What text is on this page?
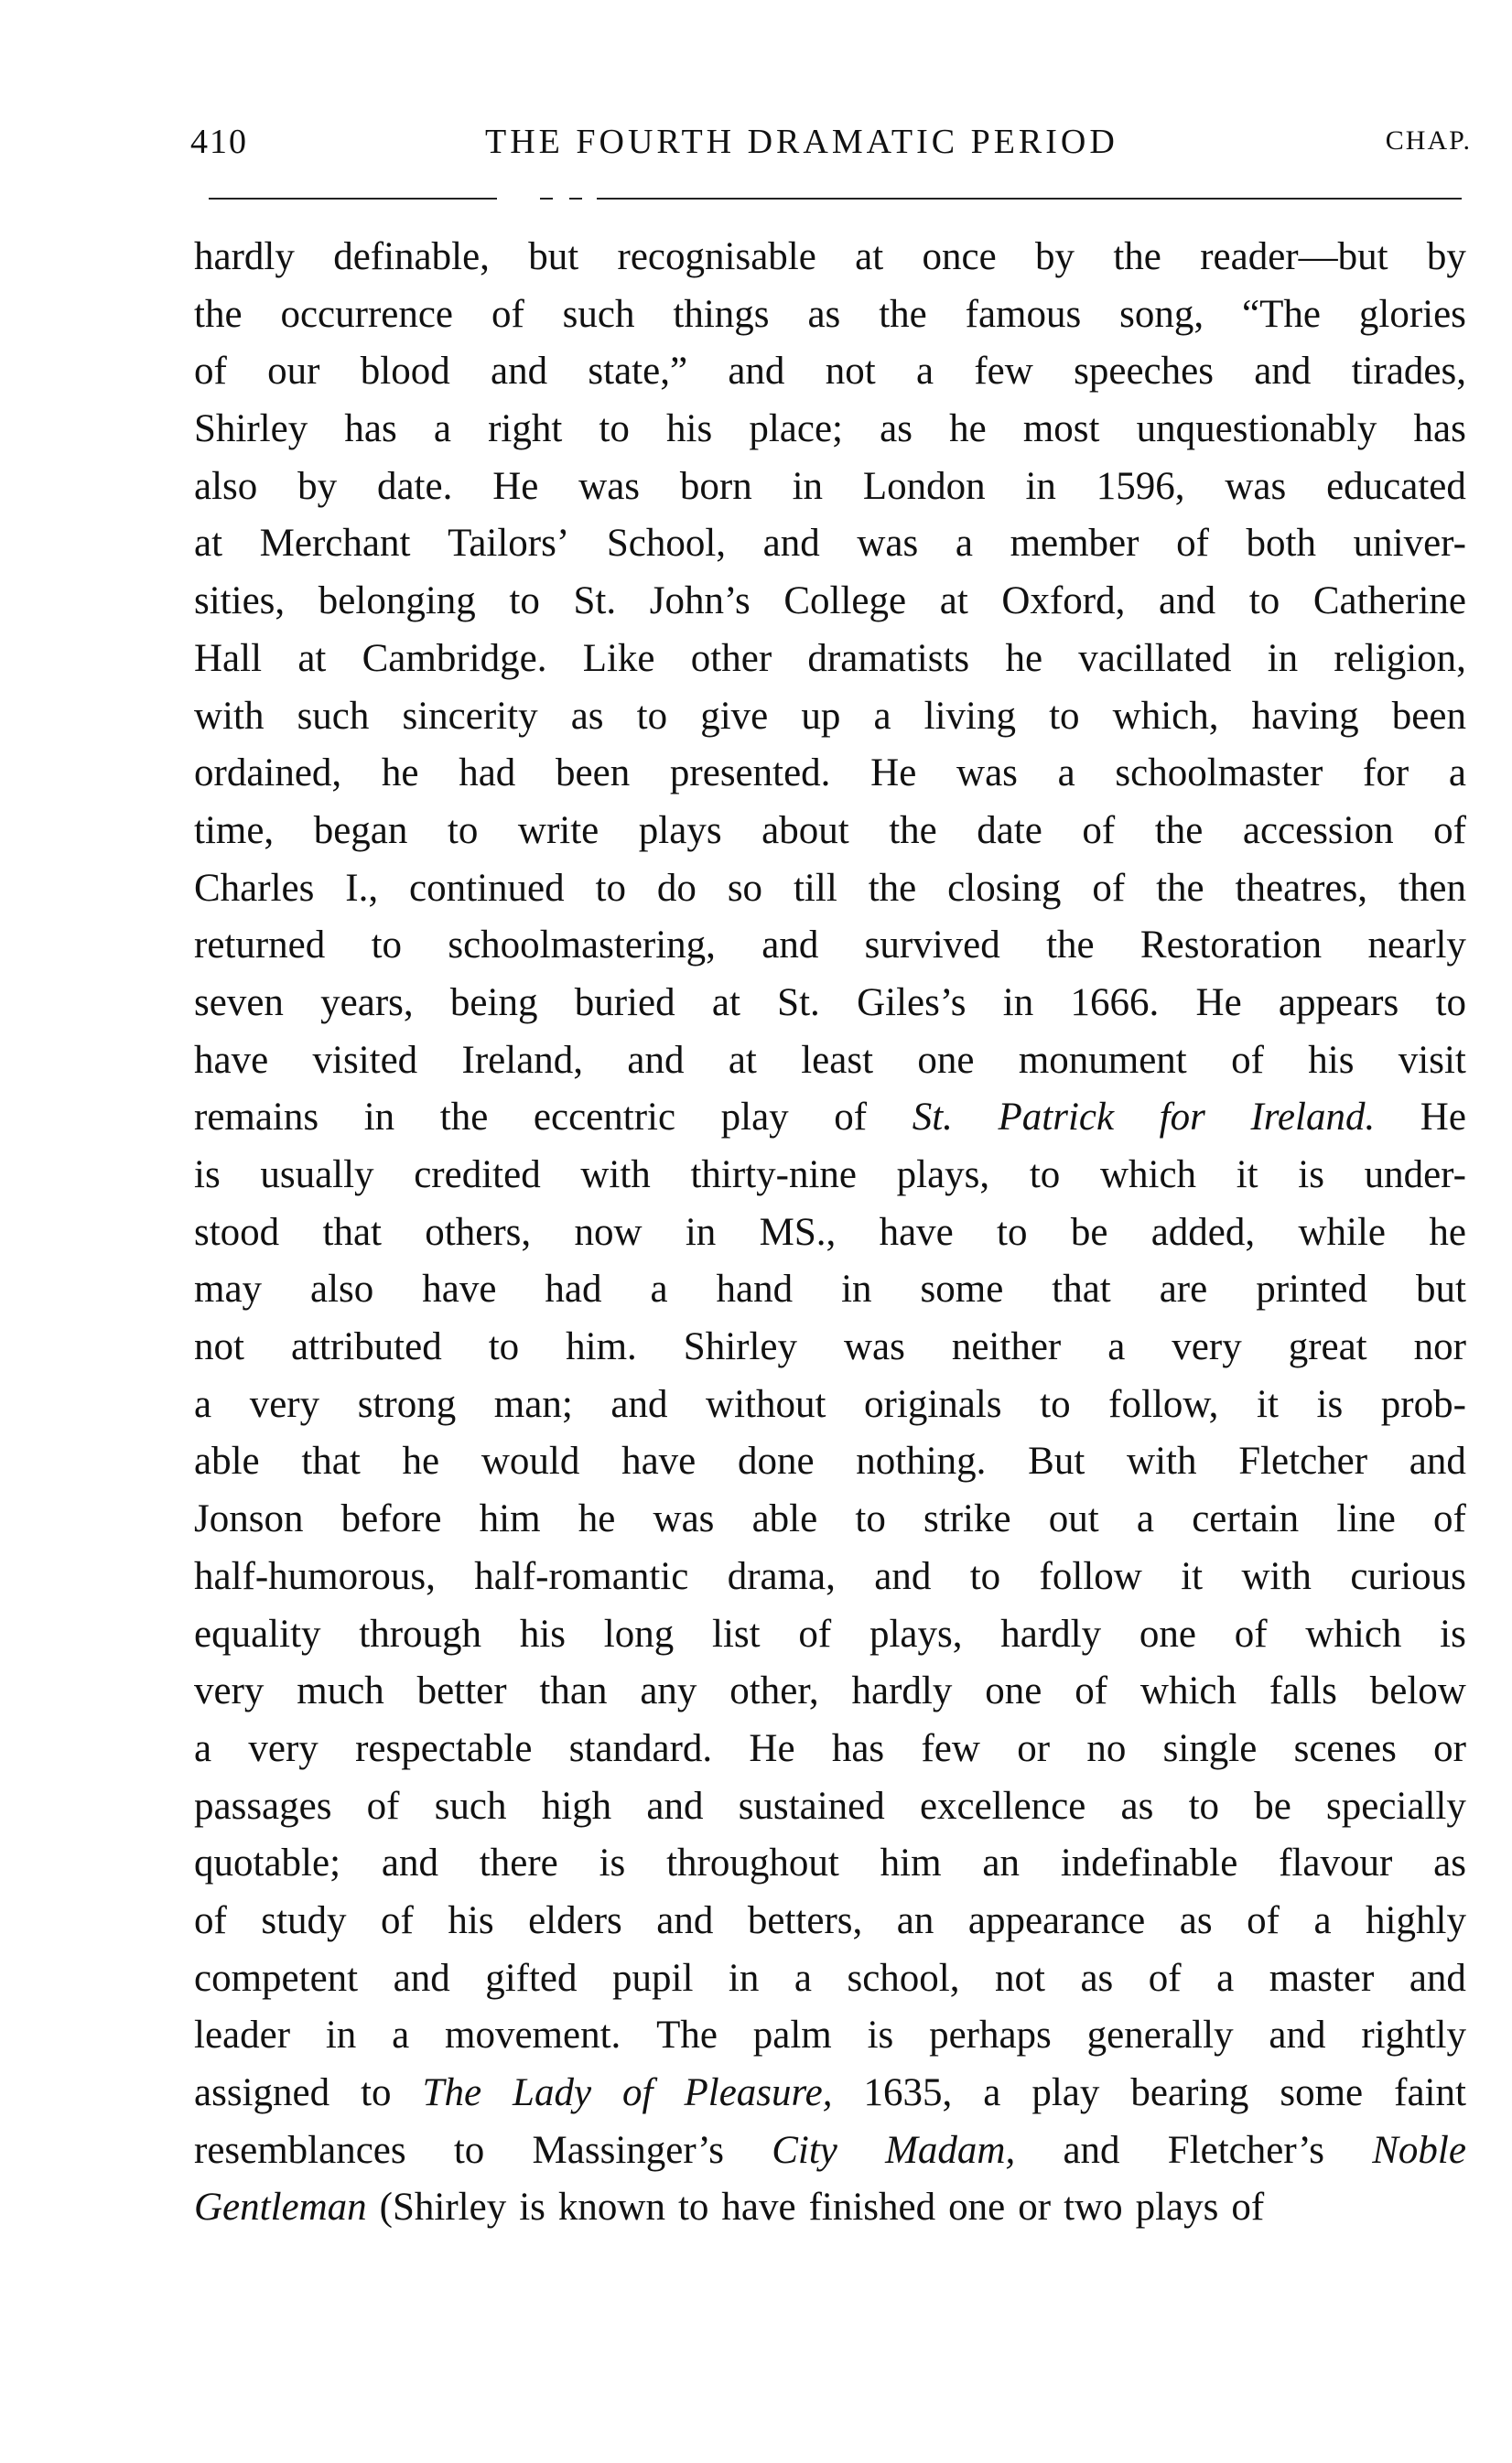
410	THE FOURTH DRAMATIC PERIOD	CHAP.
hardly definable, but recognisable at once by the reader—but by
the occurrence of such things as the famous song, “The glories
of our blood and state,” and not a few speeches and tirades,
Shirley has a right to his place; as he most unquestionably has
also by date. He was born in London in 1596, was educated
at Merchant Tailors’ School, and was a member of both univer-
sities, belonging to St. John’s College at Oxford, and to Catherine
Hall at Cambridge. Like other dramatists he vacillated in religion,
with such sincerity as to give up a living to which, having been
ordained, he had been presented. He was a schoolmaster for a
time, began to write plays about the date of the accession of
Charles I., continued to do so till the closing of the theatres, then
returned to schoolmastering, and survived the Restoration nearly
seven years, being buried at St. Giles’s in 1666. He appears to
have visited Ireland, and at least one monument of his visit
remains in the eccentric play of St. Patrick for Ireland. He
is usually credited with thirty-nine plays, to which it is under-
stood that others, now in MS., have to be added, while he
may also have had a hand in some that are printed but
not attributed to him. Shirley was neither a very great nor
a very strong man; and without originals to follow, it is prob-
able that he would have done nothing. But with Fletcher and
Jonson before him he was able to strike out a certain line of
half-humorous, half-romantic drama, and to follow it with curious
equality through his long list of plays, hardly one of which is
very much better than any other, hardly one of which falls below
a very respectable standard. He has few or no single scenes or
passages of such high and sustained excellence as to be specially
quotable; and there is throughout him an indefinable flavour as
of study of his elders and betters, an appearance as of a highly
competent and gifted pupil in a school, not as of a master and
leader in a movement. The palm is perhaps generally and rightly
assigned to The Lady of Pleasure, 1635, a play bearing some faint
resemblances to Massinger’s City Madam, and Fletcher’s Noble
Gentleman (Shirley is known to have finished one or two plays of
